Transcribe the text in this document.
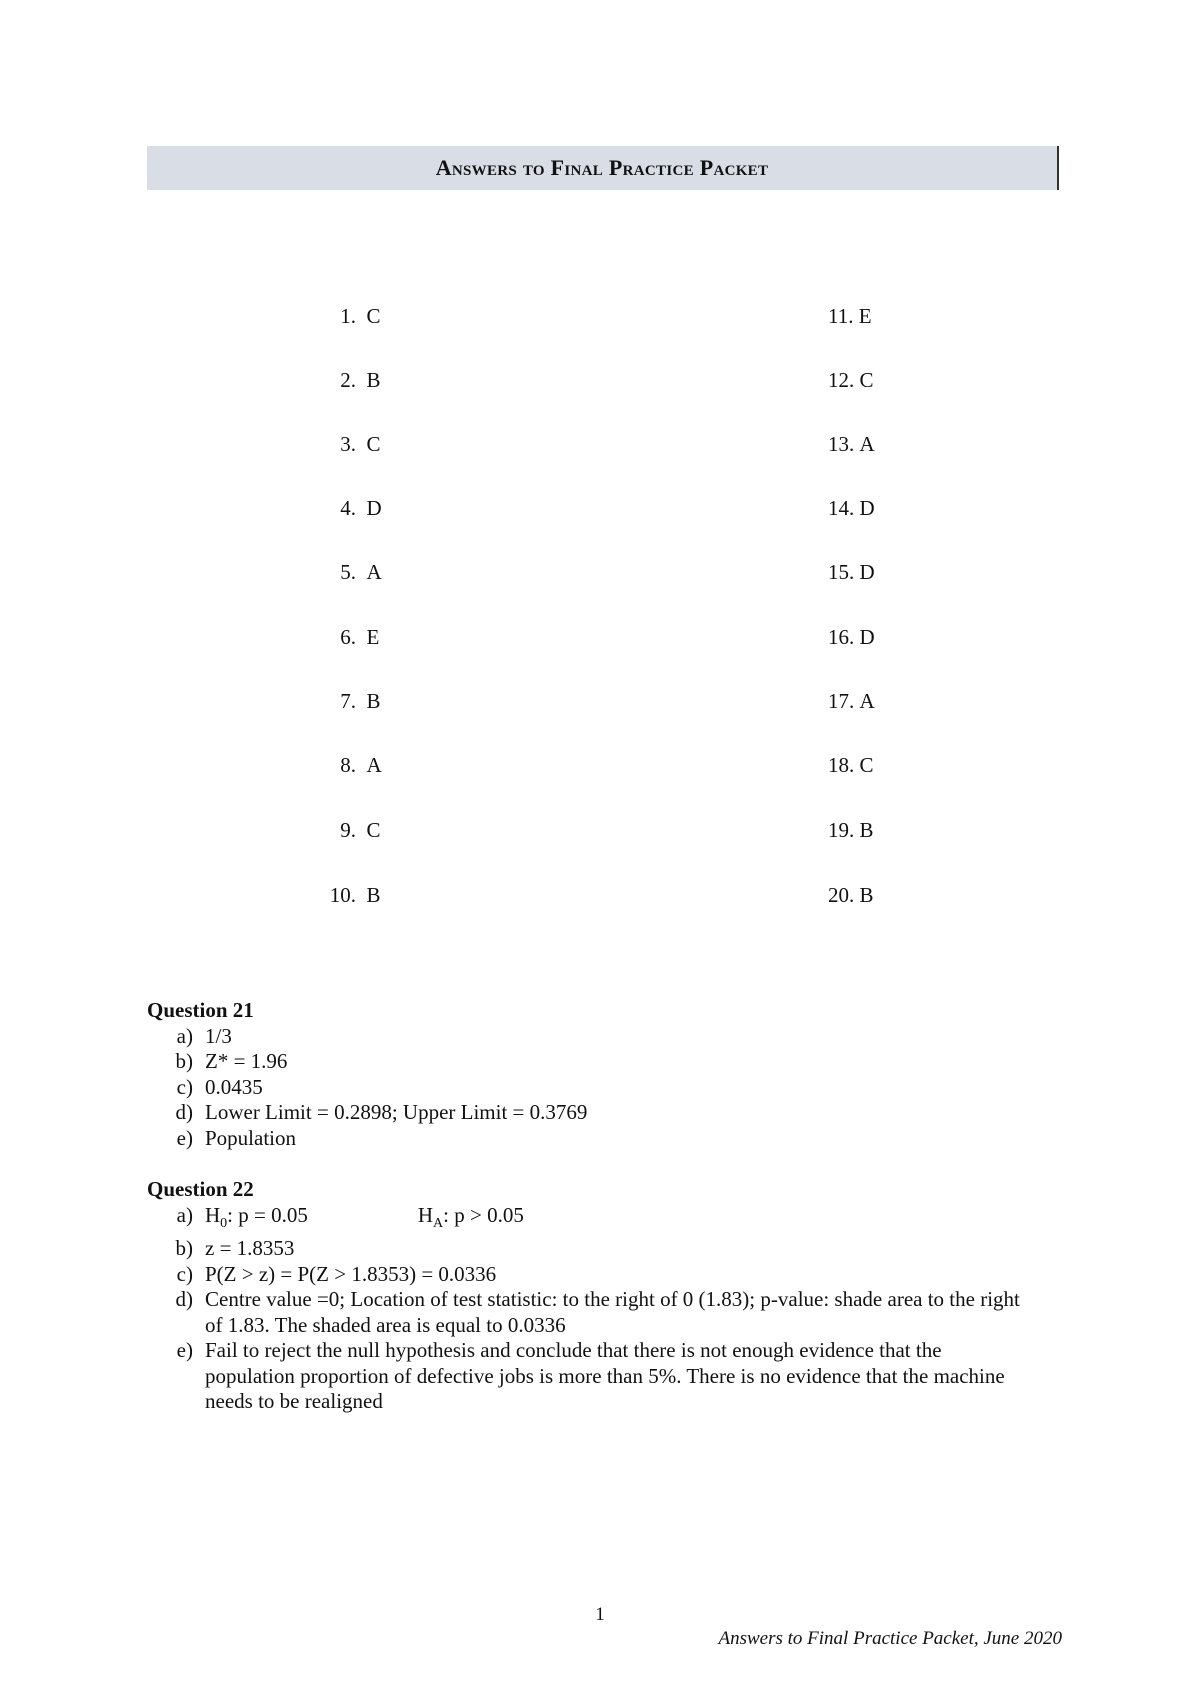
Answers to Final Practice Packet
1. C
2. B
3. C
4. D
5. A
6. E
7. B
8. A
9. C
10. B
11. E
12. C
13. A
14. D
15. D
16. D
17. A
18. C
19. B
20. B
Question 21
a) 1/3
b) Z* = 1.96
c) 0.0435
d) Lower Limit = 0.2898; Upper Limit = 0.3769
e) Population
Question 22
a) $H_0$: p = 0.05	$H_A$: p > 0.05
b) z = 1.8353
c) P(Z > z) = P(Z > 1.8353) = 0.0336
d) Centre value =0; Location of test statistic: to the right of 0 (1.83); p-value: shade area to the right of 1.83. The shaded area is equal to 0.0336
e) Fail to reject the null hypothesis and conclude that there is not enough evidence that the population proportion of defective jobs is more than 5%. There is no evidence that the machine needs to be realigned
1
Answers to Final Practice Packet, June 2020
